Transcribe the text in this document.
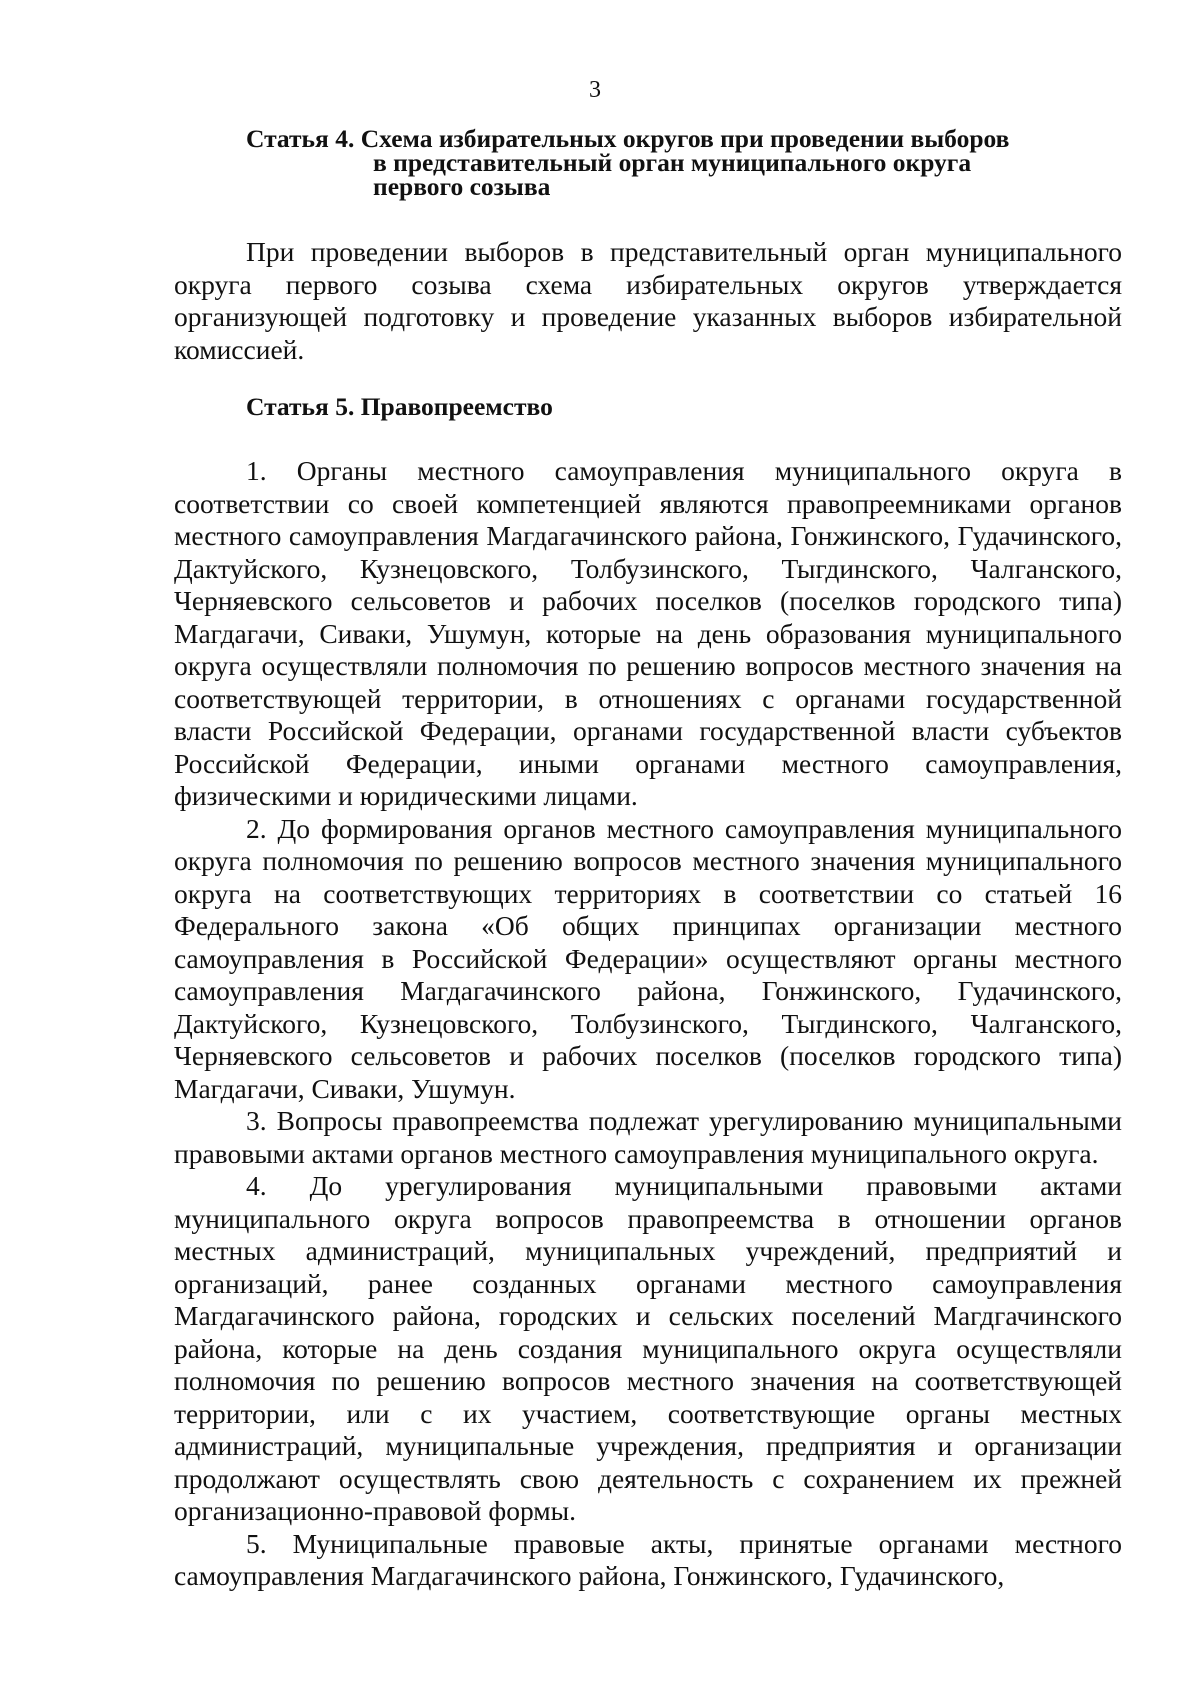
3
Статья 4. Схема избирательных округов при проведении выборов
в представительный орган муниципального округа
первого созыва

При проведении выборов в представительный орган муниципального округа первого созыва схема избирательных округов утверждается организующей подготовку и проведение указанных выборов избирательной комиссией.

Статья 5. Правопреемство

1. Органы местного самоуправления муниципального округа в соответствии со своей компетенцией являются правопреемниками органов местного самоуправления Магдагачинского района, Гонжинского, Гудачинского, Дактуйского, Кузнецовского, Толбузинского, Тыгдинского, Чалганского, Черняевского сельсоветов и рабочих поселков (поселков городского типа) Магдагачи, Сиваки, Ушумун, которые на день образования муниципального округа осуществляли полномочия по решению вопросов местного значения на соответствующей территории, в отношениях с органами государственной власти Российской Федерации, органами государственной власти субъектов Российской Федерации, иными органами местного самоуправления, физическими и юридическими лицами.

2. До формирования органов местного самоуправления муниципального округа полномочия по решению вопросов местного значения муниципального округа на соответствующих территориях в соответствии со статьей 16 Федерального закона «Об общих принципах организации местного самоуправления в Российской Федерации» осуществляют органы местного самоуправления Магдагачинского района, Гонжинского, Гудачинского, Дактуйского, Кузнецовского, Толбузинского, Тыгдинского, Чалганского, Черняевского сельсоветов и рабочих поселков (поселков городского типа) Магдагачи, Сиваки, Ушумун.

3. Вопросы правопреемства подлежат урегулированию муниципальными правовыми актами органов местного самоуправления муниципального округа.

4. До урегулирования муниципальными правовыми актами муниципального округа вопросов правопреемства в отношении органов местных администраций, муниципальных учреждений, предприятий и организаций, ранее созданных органами местного самоуправления Магдагачинского района, городских и сельских поселений Магдгачинского района, которые на день создания муниципального округа осуществляли полномочия по решению вопросов местного значения на соответствующей территории, или с их участием, соответствующие органы местных администраций, муниципальные учреждения, предприятия и организации продолжают осуществлять свою деятельность с сохранением их прежней организационно-правовой формы.

5. Муниципальные правовые акты, принятые органами местного самоуправления Магдагачинского района, Гонжинского, Гудачинского,
